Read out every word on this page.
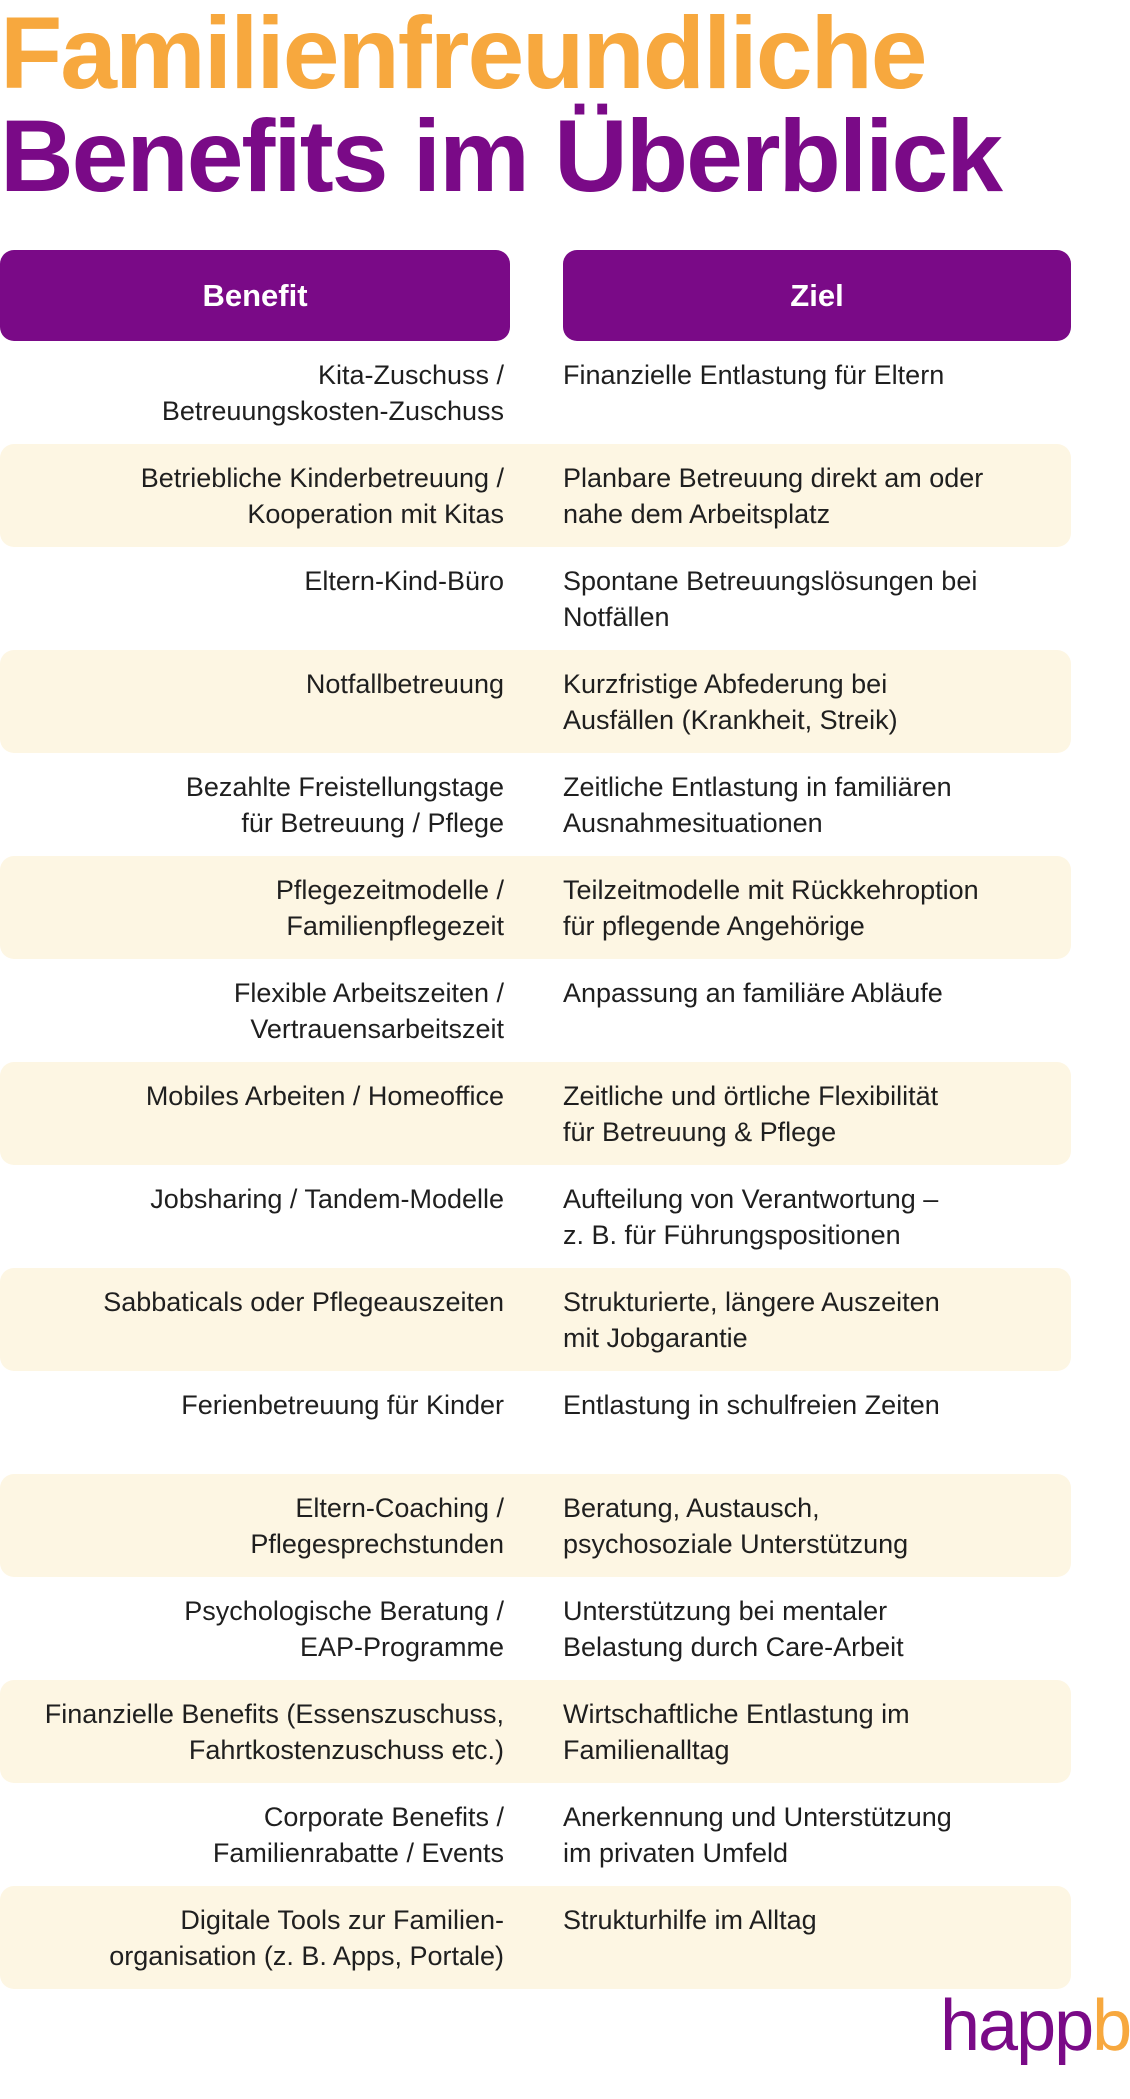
Familienfreundliche
Benefits im Überblick
Benefit	Ziel
Kita-Zuschuss /
Betreuungskosten-Zuschuss
Finanzielle Entlastung für Eltern
Betriebliche Kinderbetreuung /
Kooperation mit Kitas
Planbare Betreuung direkt am oder
nahe dem Arbeitsplatz
Eltern-Kind-Büro Spontane Betreuungslösungen bei
Notfällen
Notfallbetreuung Kurzfristige Abfederung bei
Ausfällen (Krankheit, Streik)
Bezahlte Freistellungstage
für Betreuung / Pflege
Zeitliche Entlastung in familiären
Ausnahmesituationen
Pflegezeitmodelle /
Familienpflegezeit
Teilzeitmodelle mit Rückkehroption
für pflegende Angehörige
Flexible Arbeitszeiten /
Vertrauensarbeitszeit
Anpassung an familiäre Abläufe
Mobiles Arbeiten / Homeoffice Zeitliche und örtliche Flexibilität
für Betreuung & Pflege
Jobsharing / Tandem-Modelle Aufteilung von Verantwortung –
z. B. für Führungspositionen
Sabbaticals oder Pflegeauszeiten Strukturierte, längere Auszeiten
mit Jobgarantie
Ferienbetreuung für Kinder Entlastung in schulfreien Zeiten
Eltern-Coaching /
Pflegesprechstunden
Beratung, Austausch,
psychosoziale Unterstützung
Psychologische Beratung /
EAP-Programme
Unterstützung bei mentaler
Belastung durch Care-Arbeit
Finanzielle Benefits (Essenszuschuss,
Fahrtkostenzuschuss etc.)
Wirtschaftliche Entlastung im
Familienalltag
Corporate Benefits /
Familienrabatte / Events
Anerkennung und Unterstützung
im privaten Umfeld
Digitale Tools zur Familien-
organisation (z. B. Apps, Portale)
Strukturhilfe im Alltag
happb
